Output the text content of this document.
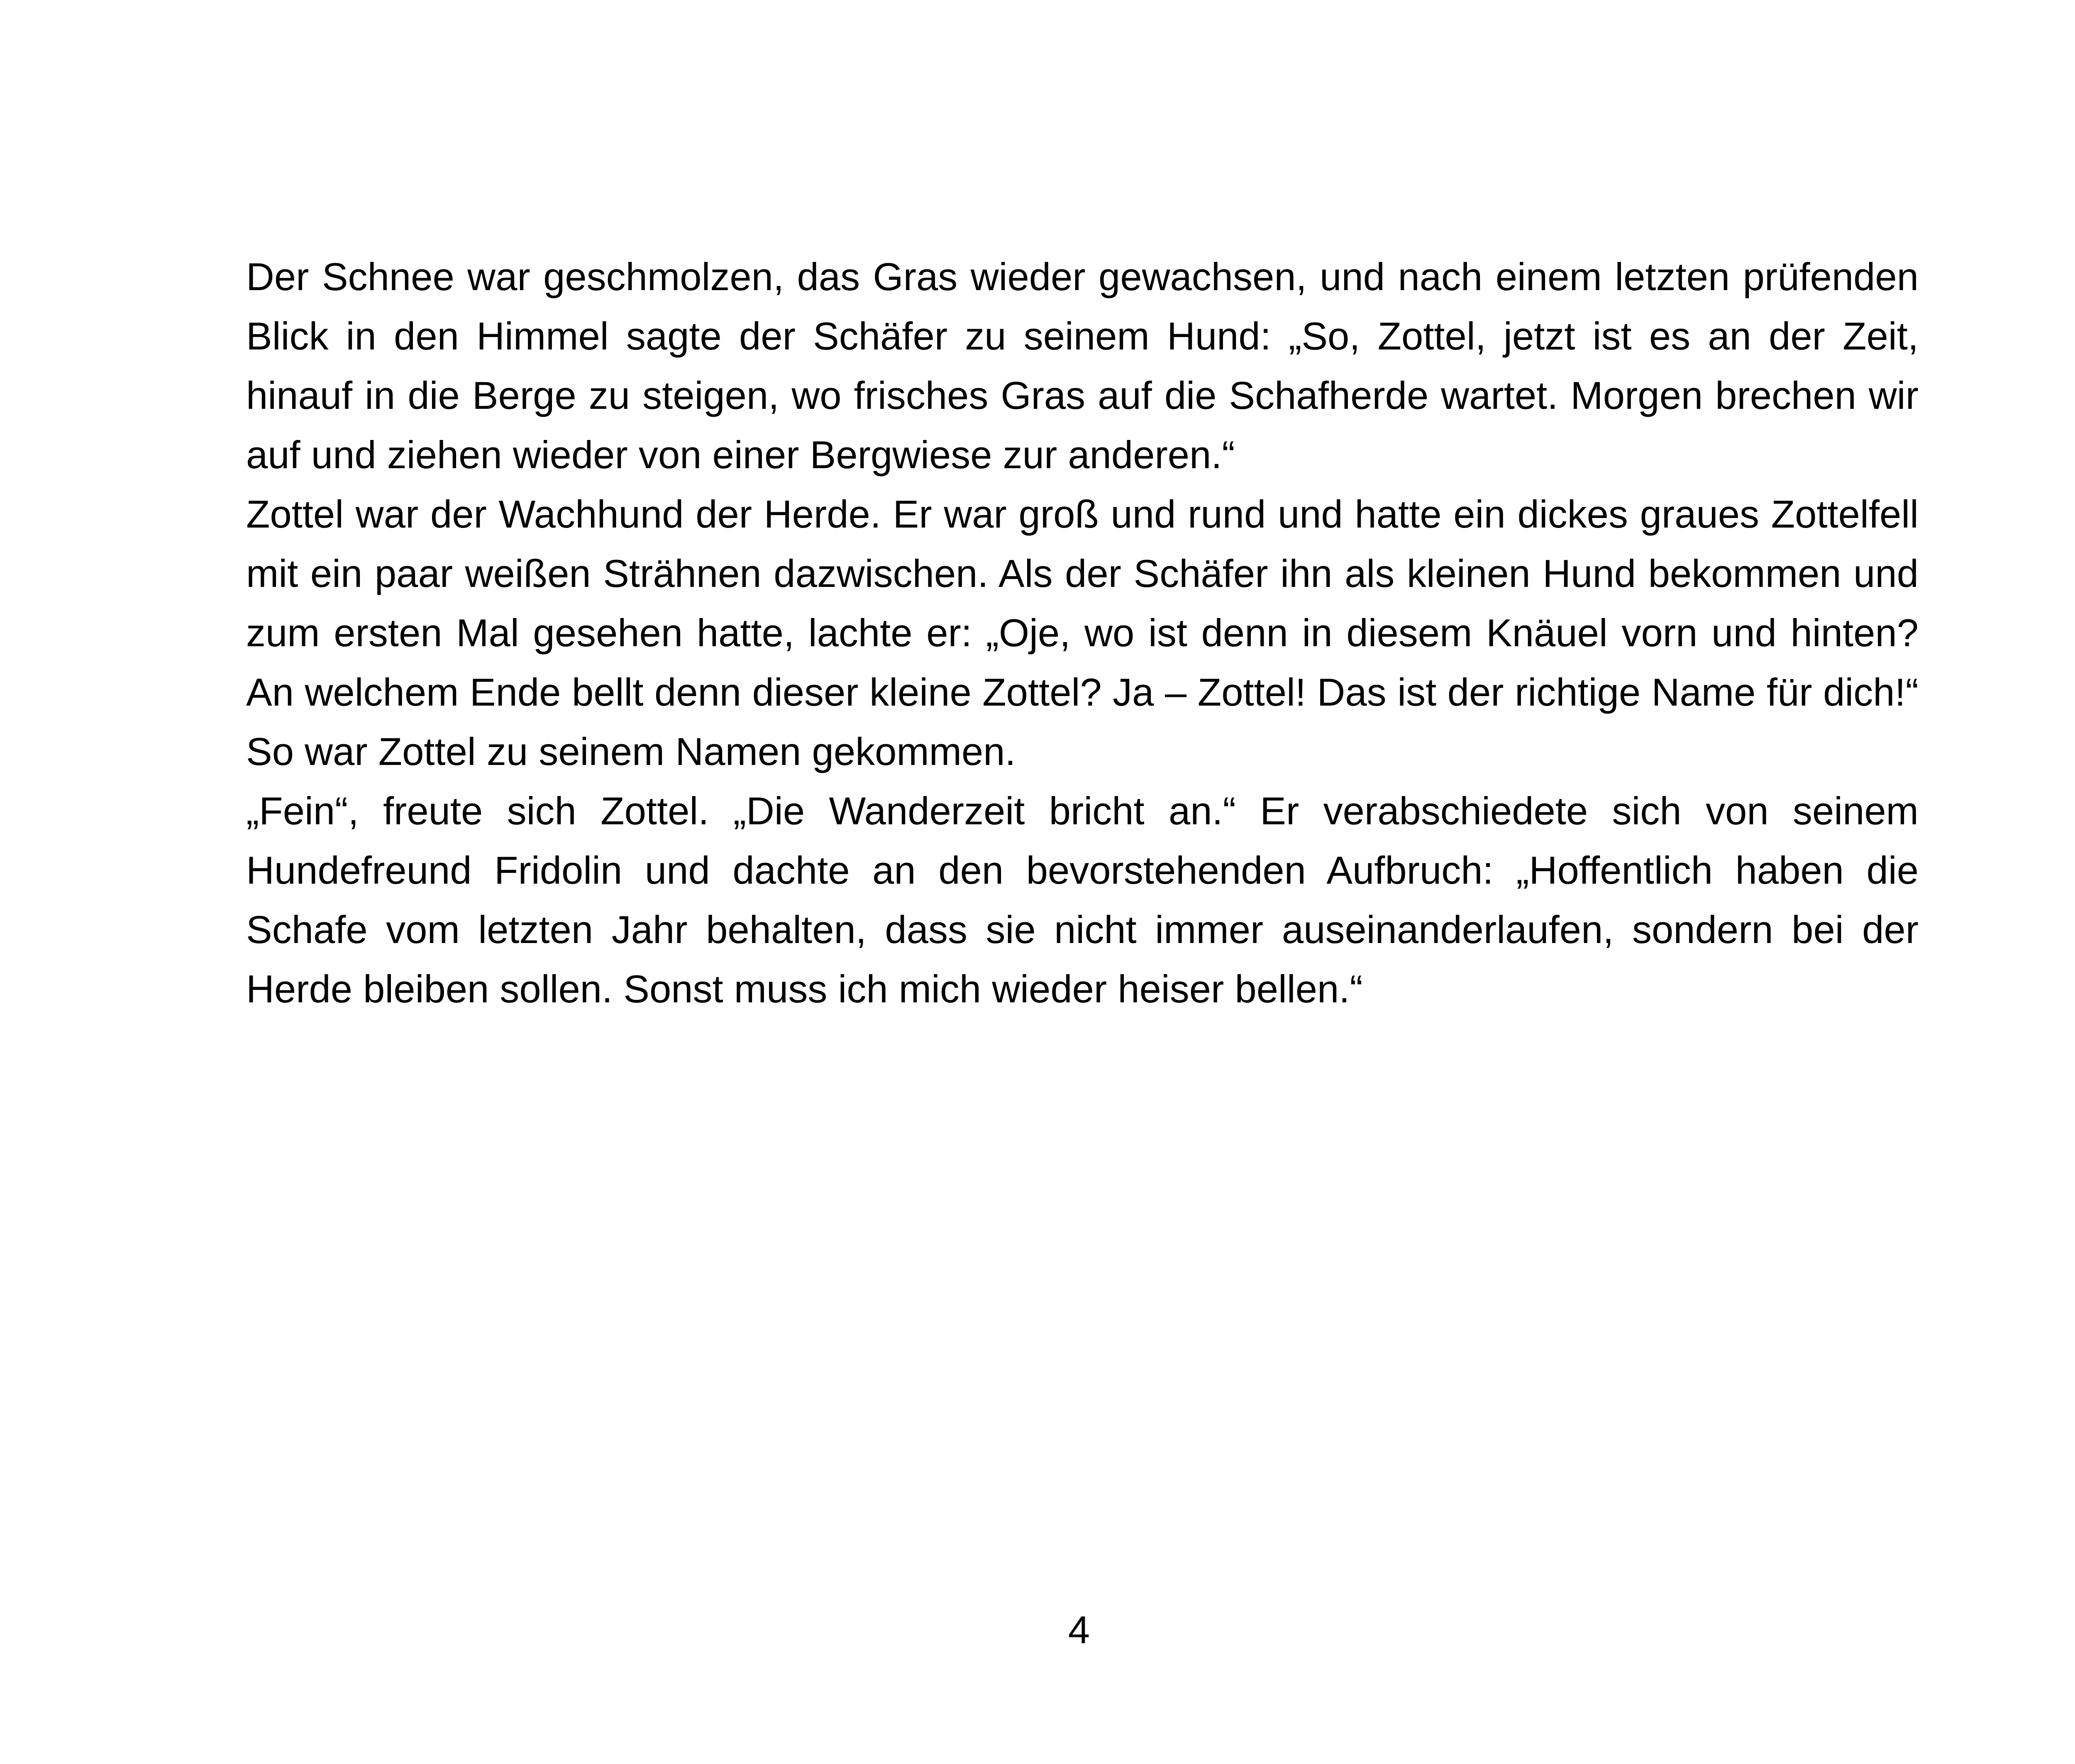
Der Schnee war geschmolzen, das Gras wieder gewachsen, und nach einem letzten prüfenden Blick in den Himmel sagte der Schäfer zu seinem Hund: „So, Zottel, jetzt ist es an der Zeit, hinauf in die Berge zu steigen, wo frisches Gras auf die Schafherde wartet. Morgen brechen wir auf und ziehen wieder von einer Bergwiese zur anderen.“

Zottel war der Wachhund der Herde. Er war groß und rund und hatte ein dickes graues Zottelfell mit ein paar weißen Strähnen dazwischen. Als der Schäfer ihn als kleinen Hund bekommen und zum ersten Mal gesehen hatte, lachte er: „Oje, wo ist denn in diesem Knäuel vorn und hinten? An welchem Ende bellt denn dieser kleine Zottel? Ja – Zottel! Das ist der richtige Name für dich!“ So war Zottel zu seinem Namen gekommen.

„Fein“, freute sich Zottel. „Die Wanderzeit bricht an.“ Er verabschiedete sich von seinem Hundefreund Fridolin und dachte an den bevorstehenden Aufbruch: „Hoffentlich haben die Schafe vom letzten Jahr behalten, dass sie nicht immer auseinanderlaufen, sondern bei der Herde bleiben sollen. Sonst muss ich mich wieder heiser bellen.“

4
